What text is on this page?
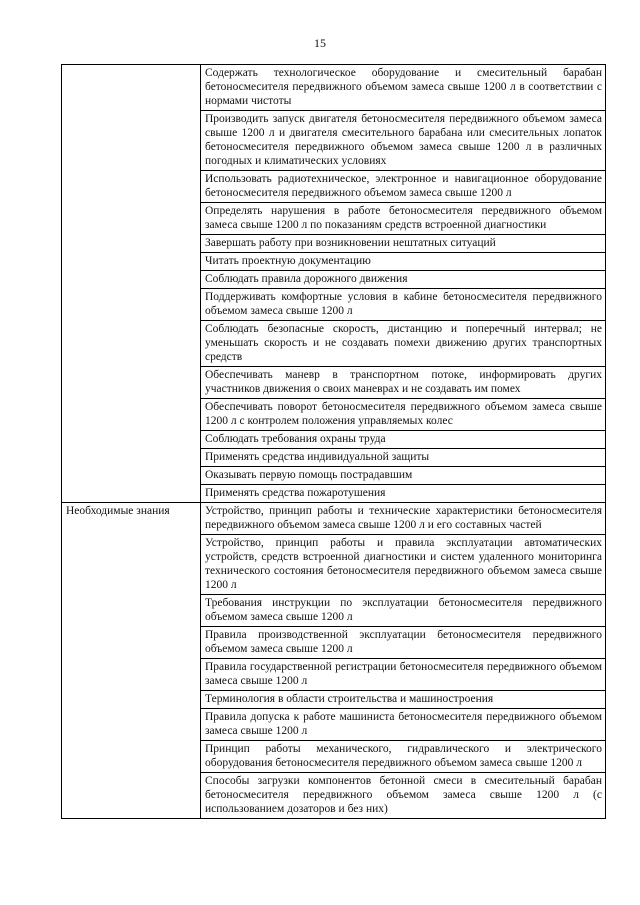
15
	Содержать технологическое оборудование и смесительный барабан бетоносмесителя передвижного объемом замеса свыше 1200 л в соответствии с нормами чистоты
	Производить запуск двигателя бетоносмесителя передвижного объемом замеса свыше 1200 л и двигателя смесительного барабана или смесительных лопаток бетоносмесителя передвижного объемом замеса свыше 1200 л в различных погодных и климатических условиях
	Использовать радиотехническое, электронное и навигационное оборудование бетоносмесителя передвижного объемом замеса свыше 1200 л
	Определять нарушения в работе бетоносмесителя передвижного объемом замеса свыше 1200 л по показаниям средств встроенной диагностики
	Завершать работу при возникновении нештатных ситуаций
	Читать проектную документацию
	Соблюдать правила дорожного движения
	Поддерживать комфортные условия в кабине бетоносмесителя передвижного объемом замеса свыше 1200 л
	Соблюдать безопасные скорость, дистанцию и поперечный интервал; не уменьшать скорость и не создавать помехи движению других транспортных средств
	Обеспечивать маневр в транспортном потоке, информировать других участников движения о своих маневрах и не создавать им помех
	Обеспечивать поворот бетоносмесителя передвижного объемом замеса свыше 1200 л с контролем положения управляемых колес
	Соблюдать требования охраны труда
	Применять средства индивидуальной защиты
	Оказывать первую помощь пострадавшим
	Применять средства пожаротушения
Необходимые знания	Устройство, принцип работы и технические характеристики бетоносмесителя передвижного объемом замеса свыше 1200 л и его составных частей
	Устройство, принцип работы и правила эксплуатации автоматических устройств, средств встроенной диагностики и систем удаленного мониторинга технического состояния бетоносмесителя передвижного объемом замеса свыше 1200 л
	Требования инструкции по эксплуатации бетоносмесителя передвижного объемом замеса свыше 1200 л
	Правила производственной эксплуатации бетоносмесителя передвижного объемом замеса свыше 1200 л
	Правила государственной регистрации бетоносмесителя передвижного объемом замеса свыше 1200 л
	Терминология в области строительства и машиностроения
	Правила допуска к работе машиниста бетоносмесителя передвижного объемом замеса свыше 1200 л
	Принцип работы механического, гидравлического и электрического оборудования бетоносмесителя передвижного объемом замеса свыше 1200 л
	Способы загрузки компонентов бетонной смеси в смесительный барабан бетоносмесителя передвижного объемом замеса свыше 1200 л (с использованием дозаторов и без них)
